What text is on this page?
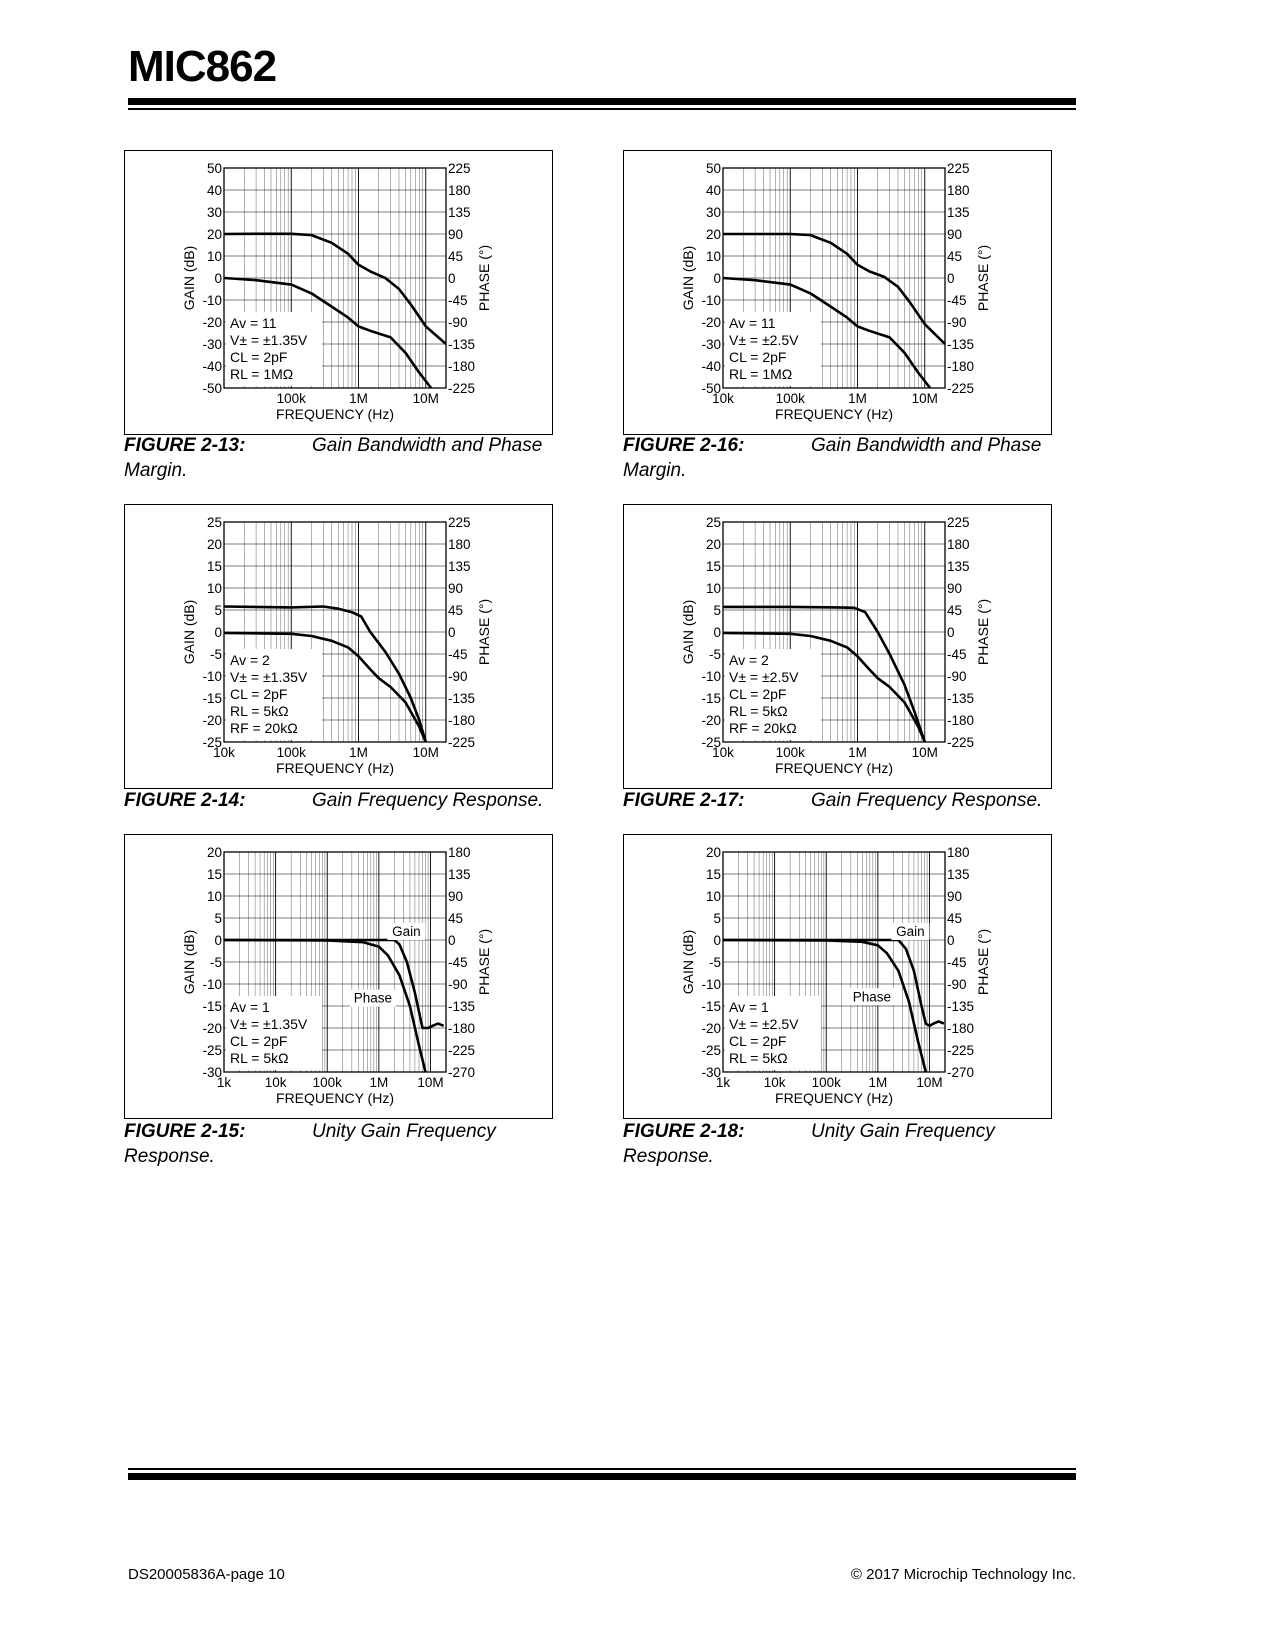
MIC862
50
40
30
20
10
0
-10
-20
-30
-40
-50
225
180
135
90
45
0
-45
-90
-135
-180
-225
100k	1M	10M
FREQUENCY (Hz)
GAIN (dB)	PHASE (°)
Av = 11
V± = ±1.35V
CL = 2pF
RL = 1MΩ
FIGURE 2-13:	Gain Bandwidth and Phase Margin.
50
40
30
20
10
0
-10
-20
-30
-40
-50
225
180
135
90
45
0
-45
-90
-135
-180
-225
10k	100k	1M	10M
FREQUENCY (Hz)
GAIN (dB)	PHASE (°)
Av = 11
V± = ±2.5V
CL = 2pF
RL = 1MΩ
FIGURE 2-16:	Gain Bandwidth and Phase Margin.
25
20
15
10
5
0
-5
-10
-15
-20
-25
225
180
135
90
45
0
-45
-90
-135
-180
-225
10k	100k	1M	10M
FREQUENCY (Hz)
GAIN (dB)	PHASE (°)
Av = 2
V± = ±1.35V
CL = 2pF
RL = 5kΩ
RF = 20kΩ
FIGURE 2-14:	Gain Frequency Response.
25
20
15
10
5
0
-5
-10
-15
-20
-25
225
180
135
90
45
0
-45
-90
-135
-180
-225
10k	100k	1M	10M
FREQUENCY (Hz)
GAIN (dB)	PHASE (°)
Av = 2
V± = ±2.5V
CL = 2pF
RL = 5kΩ
RF = 20kΩ
FIGURE 2-17:	Gain Frequency Response.
20
15
10
5
0
-5
-10
-15
-20
-25
-30
180
135
90
45
0
-45
-90
-135
-180
-225
-270
1k 10k 100k 1M 10M
FREQUENCY (Hz)
GAIN (dB)	PHASE (°)
Gain
Phase
Av = 1
V± = ±1.35V
CL = 2pF
RL = 5kΩ
FIGURE 2-15:	Unity Gain Frequency Response.
20
15
10
5
0
-5
-10
-15
-20
-25
-30
180
135
90
45
0
-45
-90
-135
-180
-225
-270
1k 10k 100k 1M 10M
FREQUENCY (Hz)
GAIN (dB)	PHASE (°)
Gain
Phase
Av = 1
V± = ±2.5V
CL = 2pF
RL = 5kΩ
FIGURE 2-18:	Unity Gain Frequency Response.
DS20005836A-page 10	© 2017 Microchip Technology Inc.
